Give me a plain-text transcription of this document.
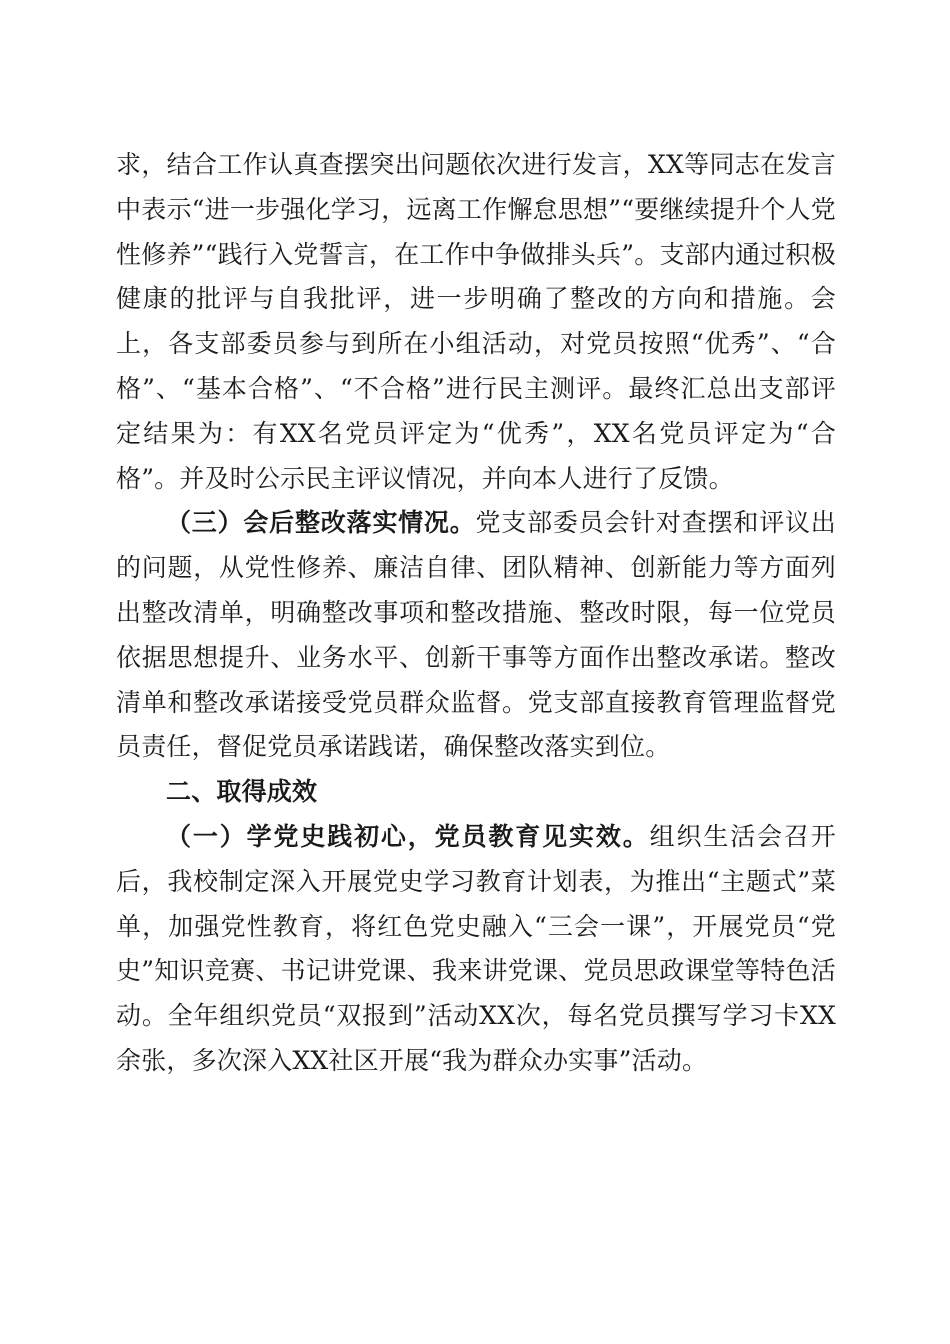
求，结合工作认真查摆突出问题依次进行发言，XX等同志在发言中表示“进一步强化学习，远离工作懈怠思想”“要继续提升个人党性修养”“践行入党誓言，在工作中争做排头兵”。支部内通过积极健康的批评与自我批评，进一步明确了整改的方向和措施。会上，各支部委员参与到所在小组活动，对党员按照“优秀”、“合格”、“基本合格”、“不合格”进行民主测评。最终汇总出支部评定结果为：有XX名党员评定为“优秀”，XX名党员评定为“合格”。并及时公示民主评议情况，并向本人进行了反馈。

（三）会后整改落实情况。党支部委员会针对查摆和评议出的问题，从党性修养、廉洁自律、团队精神、创新能力等方面列出整改清单，明确整改事项和整改措施、整改时限，每一位党员依据思想提升、业务水平、创新干事等方面作出整改承诺。整改清单和整改承诺接受党员群众监督。党支部直接教育管理监督党员责任，督促党员承诺践诺，确保整改落实到位。

二、取得成效

（一）学党史践初心，党员教育见实效。组织生活会召开后，我校制定深入开展党史学习教育计划表，为推出“主题式”菜单，加强党性教育，将红色党史融入“三会一课”，开展党员“党史”知识竞赛、书记讲党课、我来讲党课、党员思政课堂等特色活动。全年组织党员“双报到”活动XX次，每名党员撰写学习卡XX余张，多次深入XX社区开展“我为群众办实事”活动。
